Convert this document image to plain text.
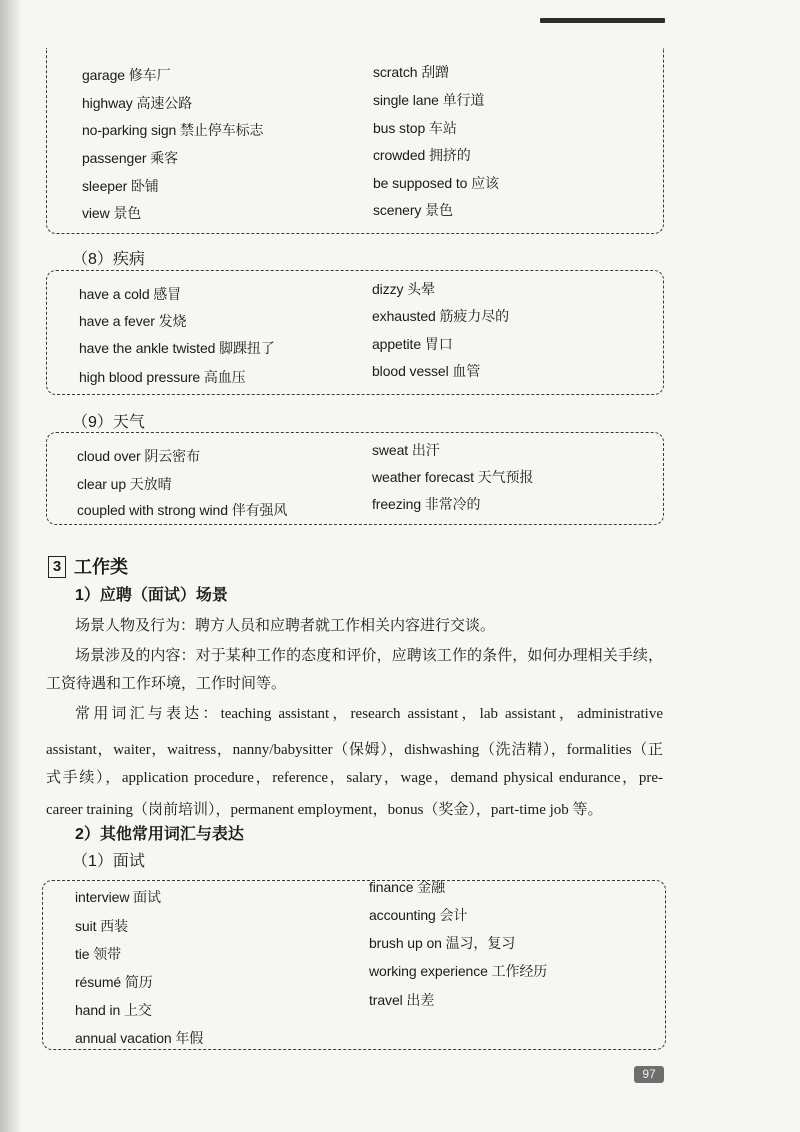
garage 修车厂
highway 高速公路
no-parking sign 禁止停车标志
passenger 乘客
sleeper 卧铺
view 景色
scratch 刮蹭
single lane 单行道
bus stop 车站
crowded 拥挤的
be supposed to 应该
scenery 景色
（8）疾病
have a cold 感冒
have a fever 发烧
have the ankle twisted 脚踝扭了
high blood pressure 高血压
dizzy 头晕
exhausted 筋疲力尽的
appetite 胃口
blood vessel 血管
（9）天气
cloud over 阴云密布
clear up 天放晴
coupled with strong wind 伴有强风
sweat 出汗
weather forecast 天气预报
freezing 非常冷的
3 工作类
1）应聘（面试）场景
场景人物及行为：聘方人员和应聘者就工作相关内容进行交谈。
场景涉及的内容：对于某种工作的态度和评价，应聘该工作的条件，如何办理相关手续，
工资待遇和工作环境，工作时间等。
常用词汇与表达：teaching assistant，research assistant，lab assistant，administrative
assistant，waiter，waitress，nanny/babysitter（保姆），dishwashing（洗洁精），formalities（正
式手续），application procedure，reference，salary，wage，demand physical endurance，pre-
career training（岗前培训），permanent employment，bonus（奖金），part-time job 等。
2）其他常用词汇与表达
（1）面试
interview 面试
suit 西装
tie 领带
résumé 简历
hand in 上交
annual vacation 年假
finance 金融
accounting 会计
brush up on 温习，复习
working experience 工作经历
travel 出差
97
